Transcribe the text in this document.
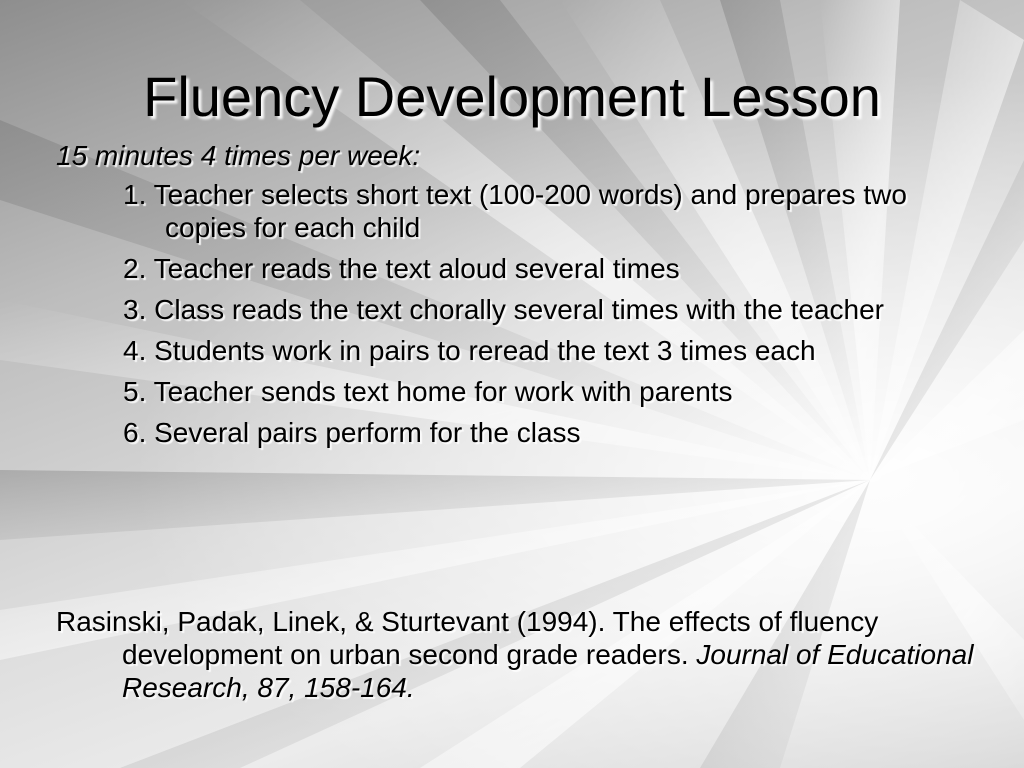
Fluency Development Lesson
15 minutes 4 times per week:
1. Teacher selects short text (100-200 words) and prepares two copies for each child
2. Teacher reads the text aloud several times
3. Class reads the text chorally several times with the teacher
4. Students work in pairs to reread the text 3 times each
5. Teacher sends text home for work with parents
6. Several pairs perform for the class
Rasinski, Padak, Linek, & Sturtevant (1994). The effects of fluency development on urban second grade readers. Journal of Educational Research, 87, 158-164.
